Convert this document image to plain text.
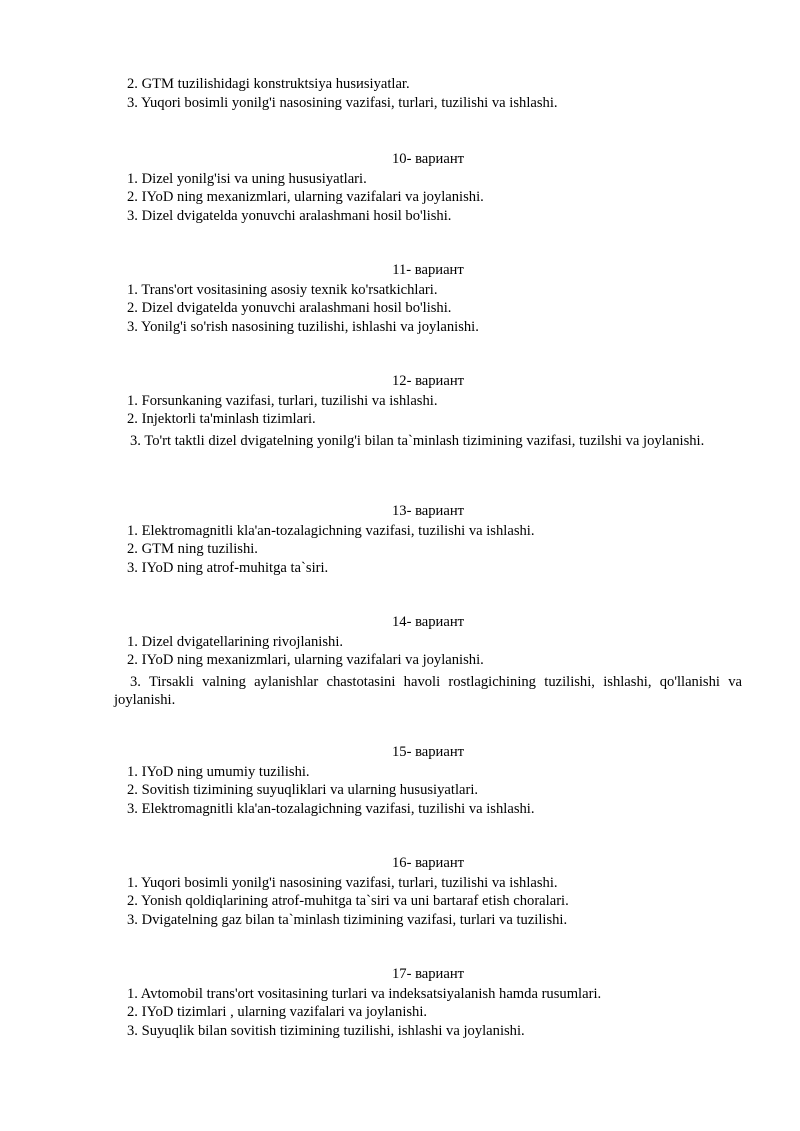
2. GTM tuzilishidagi konstruktsiya husиsiyatlar.

3. Yuqori bosimli yonilg'i nasosining vazifasi, turlari, tuzilishi va ishlashi.

10- вариант

1. Dizel yonilg'isi va uning hususiyatlari.

2. IYoD ning mexanizmlari, ularning vazifalari va joylanishi.

3. Dizel dvigatelda yonuvchi aralashmani hosil bo'lishi.

11- вариант

1. Trans'ort vositasining asosiy texnik ko'rsatkichlari.

2. Dizel dvigatelda yonuvchi aralashmani hosil bo'lishi.

3. Yonilg'i so'rish nasosining tuzilishi, ishlashi va joylanishi.

12- вариант

1. Forsunkaning vazifasi, turlari, tuzilishi va ishlashi.

2. Injektorli ta'minlash tizimlari.

3. To'rt taktli dizel dvigatelning yonilg'i bilan ta`minlash tizimining vazifasi, tuzilshi va joylanishi.

13- вариант

1. Elektromagnitli kla'an-tozalagichning vazifasi, tuzilishi va ishlashi.

2. GTM ning tuzilishi.

3. IYoD ning atrof-muhitga ta`siri.

14- вариант

1. Dizel dvigatellarining rivojlanishi.

2. IYoD ning mexanizmlari, ularning vazifalari va joylanishi.

3. Tirsakli valning aylanishlar chastotasini havoli rostlagichining tuzilishi, ishlashi, qo'llanishi va joylanishi.

15- вариант

1. IYoD ning umumiy tuzilishi.

2. Sovitish tizimining suyuqliklari va ularning hususiyatlari.

3. Elektromagnitli kla'an-tozalagichning vazifasi, tuzilishi va ishlashi.

16- вариант

1. Yuqori bosimli yonilg'i nasosining vazifasi, turlari, tuzilishi va ishlashi.

2. Yonish qoldiqlarining atrof-muhitga ta`siri va uni bartaraf etish choralari.

3. Dvigatelning gaz bilan ta`minlash tizimining vazifasi, turlari va tuzilishi.

17- вариант

1. Avtomobil trans'ort vositasining turlari va indeksatsiyalanish hamda rusumlari.

2. IYoD tizimlari , ularning vazifalari va joylanishi.

3. Suyuqlik bilan sovitish tizimining tuzilishi, ishlashi va joylanishi.
